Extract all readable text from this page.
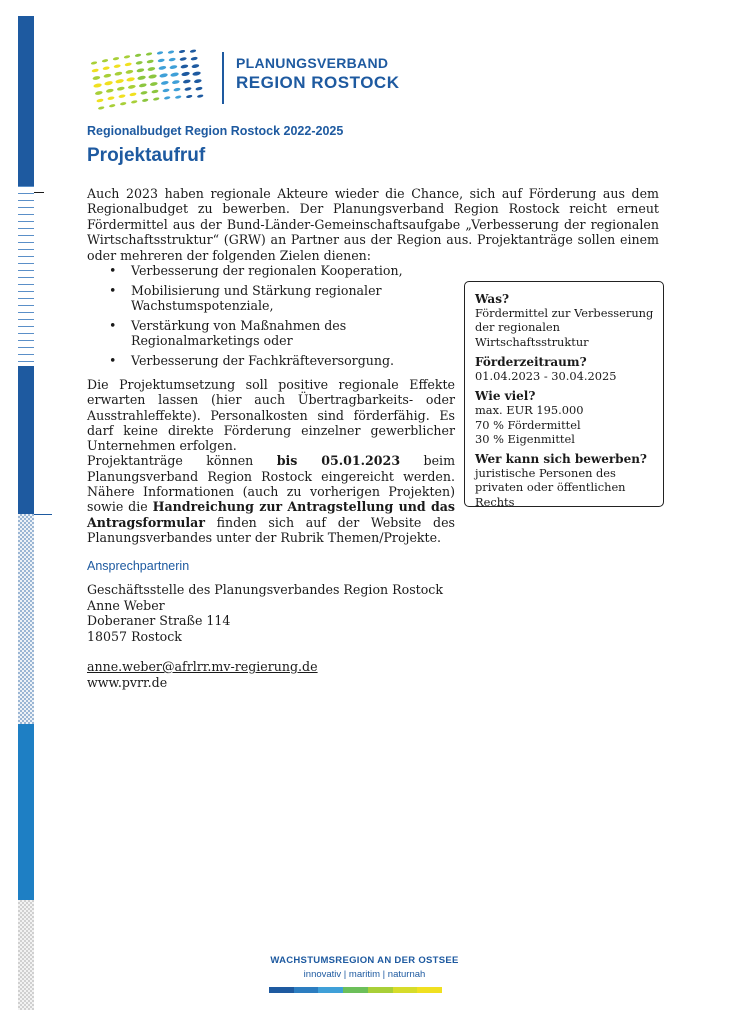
PLANUNGSVERBAND
REGION ROSTOCK
Regionalbudget Region Rostock 2022-2025
Projektaufruf

Auch 2023 haben regionale Akteure wieder die Chance, sich auf Förderung aus dem Regionalbudget zu bewerben. Der Planungsverband Region Rostock reicht erneut Fördermittel aus der Bund-Länder-Gemeinschaftsaufgabe „Verbesserung der regionalen Wirtschaftsstruktur“ (GRW) an Partner aus der Region aus. Projektanträge sollen einem oder mehreren der folgenden Zielen dienen:

• Verbesserung der regionalen Kooperation,
• Mobilisierung und Stärkung regionaler Wachstumspotenziale,
• Verstärkung von Maßnahmen des Regionalmarketings oder
• Verbesserung der Fachkräfteversorgung.
Die Projektumsetzung soll positive regionale Effekte erwarten lassen (hier auch Übertragbarkeits- oder Ausstrahleffekte). Personalkosten sind förderfähig. Es darf keine direkte Förderung einzelner gewerblicher Unternehmen erfolgen.
Projektanträge können bis 05.01.2023 beim Planungsverband Region Rostock eingereicht werden. Nähere Informationen (auch zu vorherigen Projekten) sowie die Handreichung zur Antragstellung und das Antragsformular finden sich auf der Website des Planungsverbandes unter der Rubrik Themen/Projekte.

Was?

Fördermittel zur Verbesserung der regionalen Wirtschaftsstruktur

Förderzeitraum?

01.04.2023 - 30.04.2025

Wie viel?

max. EUR 195.000

70 % Fördermittel

30 % Eigenmittel

Wer kann sich bewerben?

juristische Personen des privaten oder öffentlichen Rechts

Ansprechpartnerin

Geschäftsstelle des Planungsverbandes Region Rostock
Anne Weber
Doberaner Straße 114
18057 Rostock

anne.weber@afrlrr.mv-regierung.de
www.pvrr.de
WACHSTUMSREGION AN DER OSTSEE
innovativ | maritim | naturnah
